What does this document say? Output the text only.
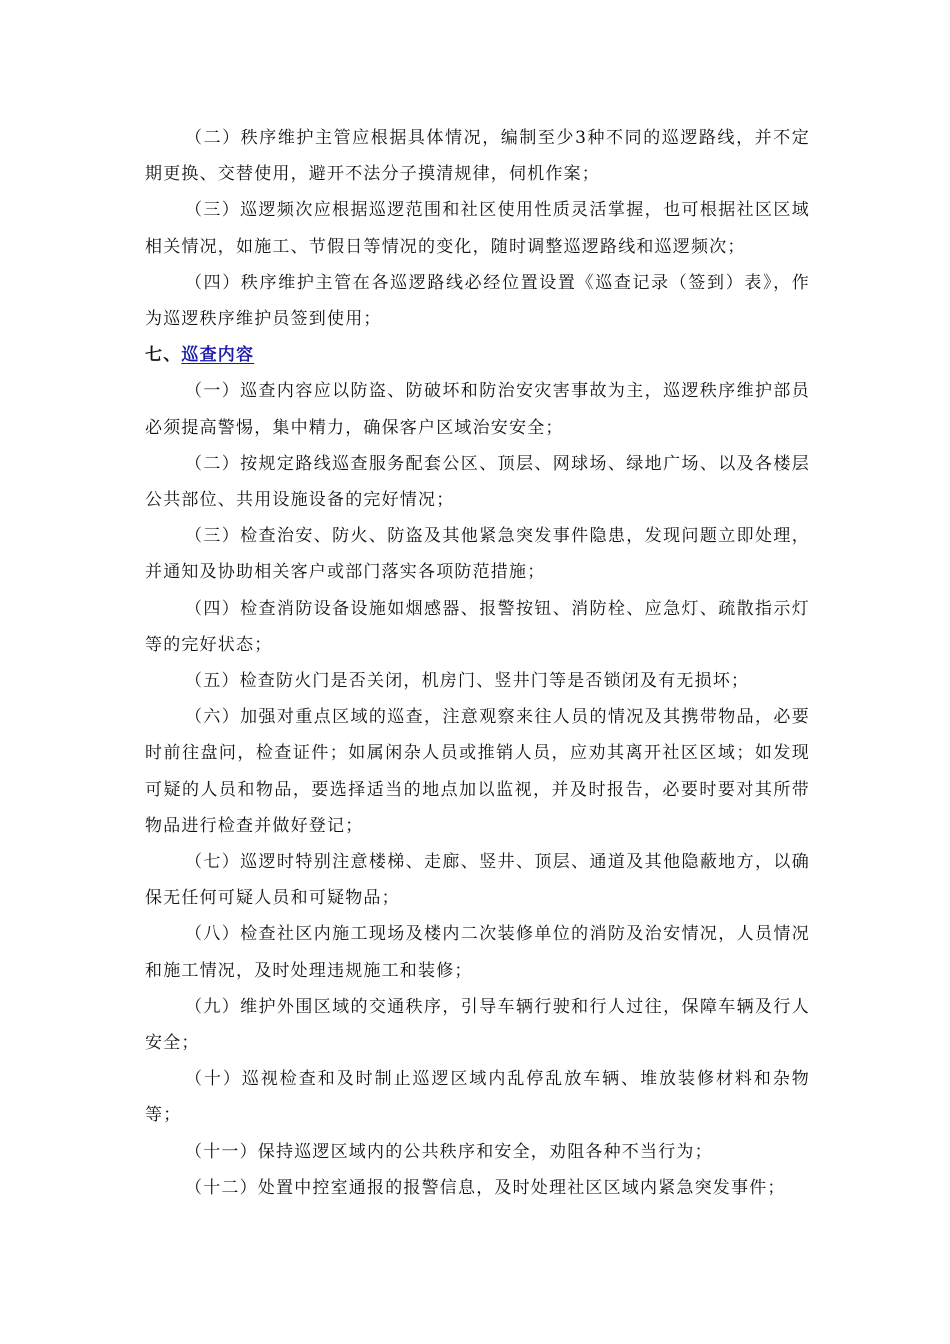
（二）秩序维护主管应根据具体情况，编制至少3种不同的巡逻路线，并不定期更换、交替使用，避开不法分子摸清规律，伺机作案；

（三）巡逻频次应根据巡逻范围和社区使用性质灵活掌握，也可根据社区区域相关情况，如施工、节假日等情况的变化，随时调整巡逻路线和巡逻频次；

（四）秩序维护主管在各巡逻路线必经位置设置《巡查记录（签到）表》，作为巡逻秩序维护员签到使用；

七、巡查内容

（一）巡查内容应以防盗、防破坏和防治安灾害事故为主，巡逻秩序维护部员必须提高警惕，集中精力，确保客户区域治安安全；

（二）按规定路线巡查服务配套公区、顶层、网球场、绿地广场、以及各楼层公共部位、共用设施设备的完好情况；

（三）检查治安、防火、防盗及其他紧急突发事件隐患，发现问题立即处理，并通知及协助相关客户或部门落实各项防范措施；

（四）检查消防设备设施如烟感器、报警按钮、消防栓、应急灯、疏散指示灯等的完好状态；

（五）检查防火门是否关闭，机房门、竖井门等是否锁闭及有无损坏；

（六）加强对重点区域的巡查，注意观察来往人员的情况及其携带物品，必要时前往盘问，检查证件；如属闲杂人员或推销人员，应劝其离开社区区域；如发现可疑的人员和物品，要选择适当的地点加以监视，并及时报告，必要时要对其所带物品进行检查并做好登记；

（七）巡逻时特别注意楼梯、走廊、竖井、顶层、通道及其他隐蔽地方，以确保无任何可疑人员和可疑物品；

（八）检查社区内施工现场及楼内二次装修单位的消防及治安情况，人员情况和施工情况，及时处理违规施工和装修；

（九）维护外围区域的交通秩序，引导车辆行驶和行人过往，保障车辆及行人安全；

（十）巡视检查和及时制止巡逻区域内乱停乱放车辆、堆放装修材料和杂物等；

（十一）保持巡逻区域内的公共秩序和安全，劝阻各种不当行为；

（十二）处置中控室通报的报警信息，及时处理社区区域内紧急突发事件；
